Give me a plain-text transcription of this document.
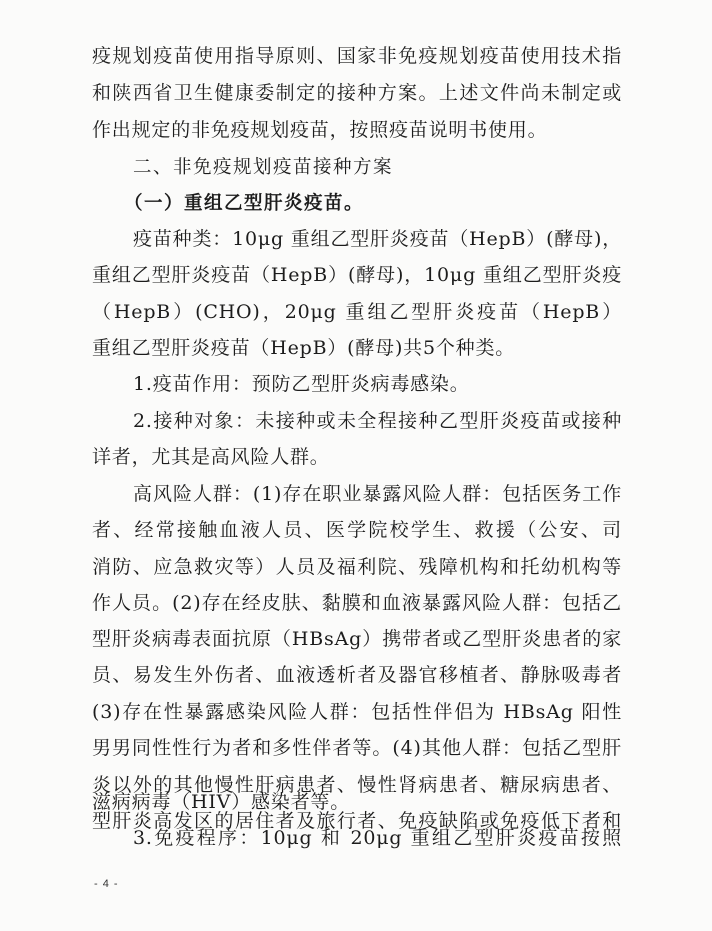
疫规划疫苗使用指导原则、国家非免疫规划疫苗使用技术指
和陕西省卫生健康委制定的接种方案。上述文件尚未制定或
作出规定的非免疫规划疫苗，按照疫苗说明书使用。
二、非免疫规划疫苗接种方案
（一）重组乙型肝炎疫苗。
疫苗种类：10μg 重组乙型肝炎疫苗（HepB）(酵母)，
重组乙型肝炎疫苗（HepB）(酵母)，10μg 重组乙型肝炎疫
（HepB）(CHO)，20μg 重组乙型肝炎疫苗（HepB）
重组乙型肝炎疫苗（HepB）(酵母)共5个种类。
1.疫苗作用：预防乙型肝炎病毒感染。
2.接种对象：未接种或未全程接种乙型肝炎疫苗或接种
详者，尤其是高风险人群。
高风险人群：(1)存在职业暴露风险人群：包括医务工作
者、经常接触血液人员、医学院校学生、救援（公安、司
消防、应急救灾等）人员及福利院、残障机构和托幼机构等
作人员。(2)存在经皮肤、黏膜和血液暴露风险人群：包括乙
型肝炎病毒表面抗原（HBsAg）携带者或乙型肝炎患者的家
员、易发生外伤者、血液透析者及器官移植者、静脉吸毒者
(3)存在性暴露感染风险人群：包括性伴侣为 HBsAg 阳性
男男同性性行为者和多性伴者等。(4)其他人群：包括乙型肝
炎以外的其他慢性肝病患者、慢性肾病患者、糖尿病患者、
型肝炎高发区的居住者及旅行者、免疫缺陷或免疫低下者和
滋病病毒（HIV）感染者等。
3.免疫程序：10μg 和 20μg 重组乙型肝炎疫苗按照
- 4 -
